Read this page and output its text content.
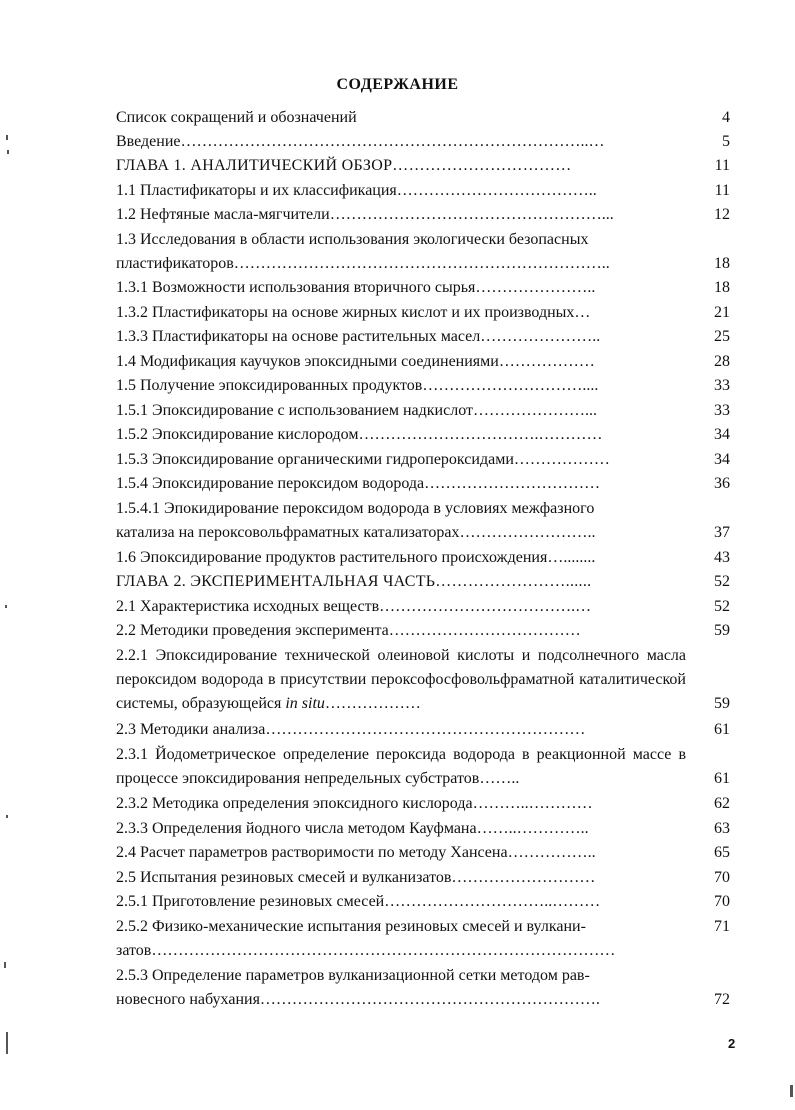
СОДЕРЖАНИЕ
Список сокращений и обозначений	4
Введение…………………………………………………………………..…	5
ГЛАВА 1. АНАЛИТИЧЕСКИЙ ОБЗОР……………………………	11
1.1 Пластификаторы и их классификация………………………………..	11
1.2 Нефтяные масла-мягчители……………………………………………...	12
1.3 Исследования в области использования экологически безопасных
пластификаторов……………………………………………………………..	18
1.3.1 Возможности использования вторичного сырья…………………..	18
1.3.2 Пластификаторы на основе жирных кислот и их производных…	21
1.3.3 Пластификаторы на основе растительных масел…………………..	25
1.4 Модификация каучуков эпоксидными соединениями………………	28
1.5 Получение эпоксидированных продуктов…………………………....	33
1.5.1 Эпоксидирование с использованием надкислот…………………...	33
1.5.2 Эпоксидирование кислородом…………………………….…………	34
1.5.3 Эпоксидирование органическими гидропероксидами………………	34
1.5.4 Эпоксидирование пероксидом водорода……………………………	36
1.5.4.1 Эпокидирование пероксидом водорода в условиях межфазного
катализа на пероксовольфраматных катализаторах……………………..	37
1.6 Эпоксидирование продуктов растительного происхождения…........	43
ГЛАВА 2. ЭКСПЕРИМЕНТАЛЬНАЯ ЧАСТЬ……………………......	52
2.1 Характеристика исходных веществ……………………………….…	52
2.2 Методики проведения эксперимента………………………………	59
2.2.1 Эпоксидирование технической олеиновой кислоты и подсолнечного масла пероксидом водорода в присутствии пероксофосфовольфраматной каталитической системы, образующейся in situ………………	59
2.3 Методики анализа……………………………………………………	61
2.3.1 Йодометрическое определение пероксида водорода в реакционной массе в процессе эпоксидирования непредельных субстратов……..	61
2.3.2 Методика определения эпоксидного кислорода………..…………	62
2.3.3 Определения йодного числа методом Кауфмана……..…………..	63
2.4 Расчет параметров растворимости по методу Хансена……………..	65
2.5 Испытания резиновых смесей и вулканизатов………………………	70
2.5.1 Приготовление резиновых смесей…………………………..………	70
2.5.2 Физико-механические испытания резиновых смесей и вулкани-	71
затов……………………………………………………………………………
2.5.3 Определение параметров вулканизационной сетки методом рав-
новесного набухания……………………………………………………….	72
2
